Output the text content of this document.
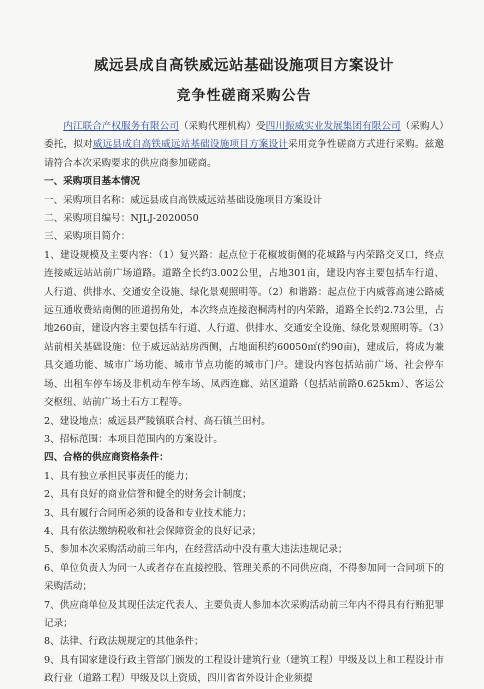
威远县成自高铁威远站基础设施项目方案设计
竞争性磋商采购公告

内江联合产权服务有限公司（采购代理机构）受四川振威实业发展集团有限公司（采购人）委托，拟对威远县成自高铁威远站基础设施项目方案设计采用竞争性磋商方式进行采购。兹邀请符合本次采购要求的供应商参加磋商。

一、采购项目基本情况

一、采购项目名称：威远县成自高铁威远站基础设施项目方案设计

二、采购项目编号：NJLJ-2020050

三、采购项目简介：

1、建设规模及主要内容：（1）复兴路：起点位于花椒坡街侧的花城路与内荣路交叉口，终点连接威远站站前广场道路。道路全长约3.002公里，占地301亩，建设内容主要包括车行道、人行道、供排水、交通安全设施、绿化景观照明等。（2）和谐路：起点位于内威蓉高速公路威远互通收费站南侧的匝道拐角处，本次终点连接泡桐湾村的内荣路，道路全长约2.73公里，占地260亩，建设内容主要包括车行道、人行道、供排水、交通安全设施、绿化景观照明等。（3）站前相关基础设施：位于威远站站房西侧，占地面积约60050㎡(约90亩)，建成后，将成为兼具交通功能、城市广场功能、城市节点功能的城市门户。建设内容包括站前广场、社会停车场、出租车停车场及非机动车停车场、凤西连廊、站区道路（包括站前路0.625km）、客运公交枢纽、站前广场土石方工程等。

2、建设地点：威远县严陵镇联合村、高石镇兰田村。

3、招标范围：本项目范围内的方案设计。

四、合格的供应商资格条件：

1、具有独立承担民事责任的能力；

2、具有良好的商业信誉和健全的财务会计制度；

3、具有履行合同所必须的设备和专业技术能力；

4、具有依法缴纳税收和社会保障资金的良好记录；

5、参加本次采购活动前三年内，在经营活动中没有重大违法违规记录；

6、单位负责人为同一人或者存在直接控股、管理关系的不同供应商，不得参加同一合同项下的采购活动；

7、供应商单位及其现任法定代表人、主要负责人参加本次采购活动前三年内不得具有行贿犯罪记录；

8、法律、行政法规规定的其他条件；

9、具有国家建设行政主管部门颁发的工程设计建筑行业（建筑工程）甲级及以上和工程设计市政行业（道路工程）甲级及以上资质，四川省省外设计企业须提
